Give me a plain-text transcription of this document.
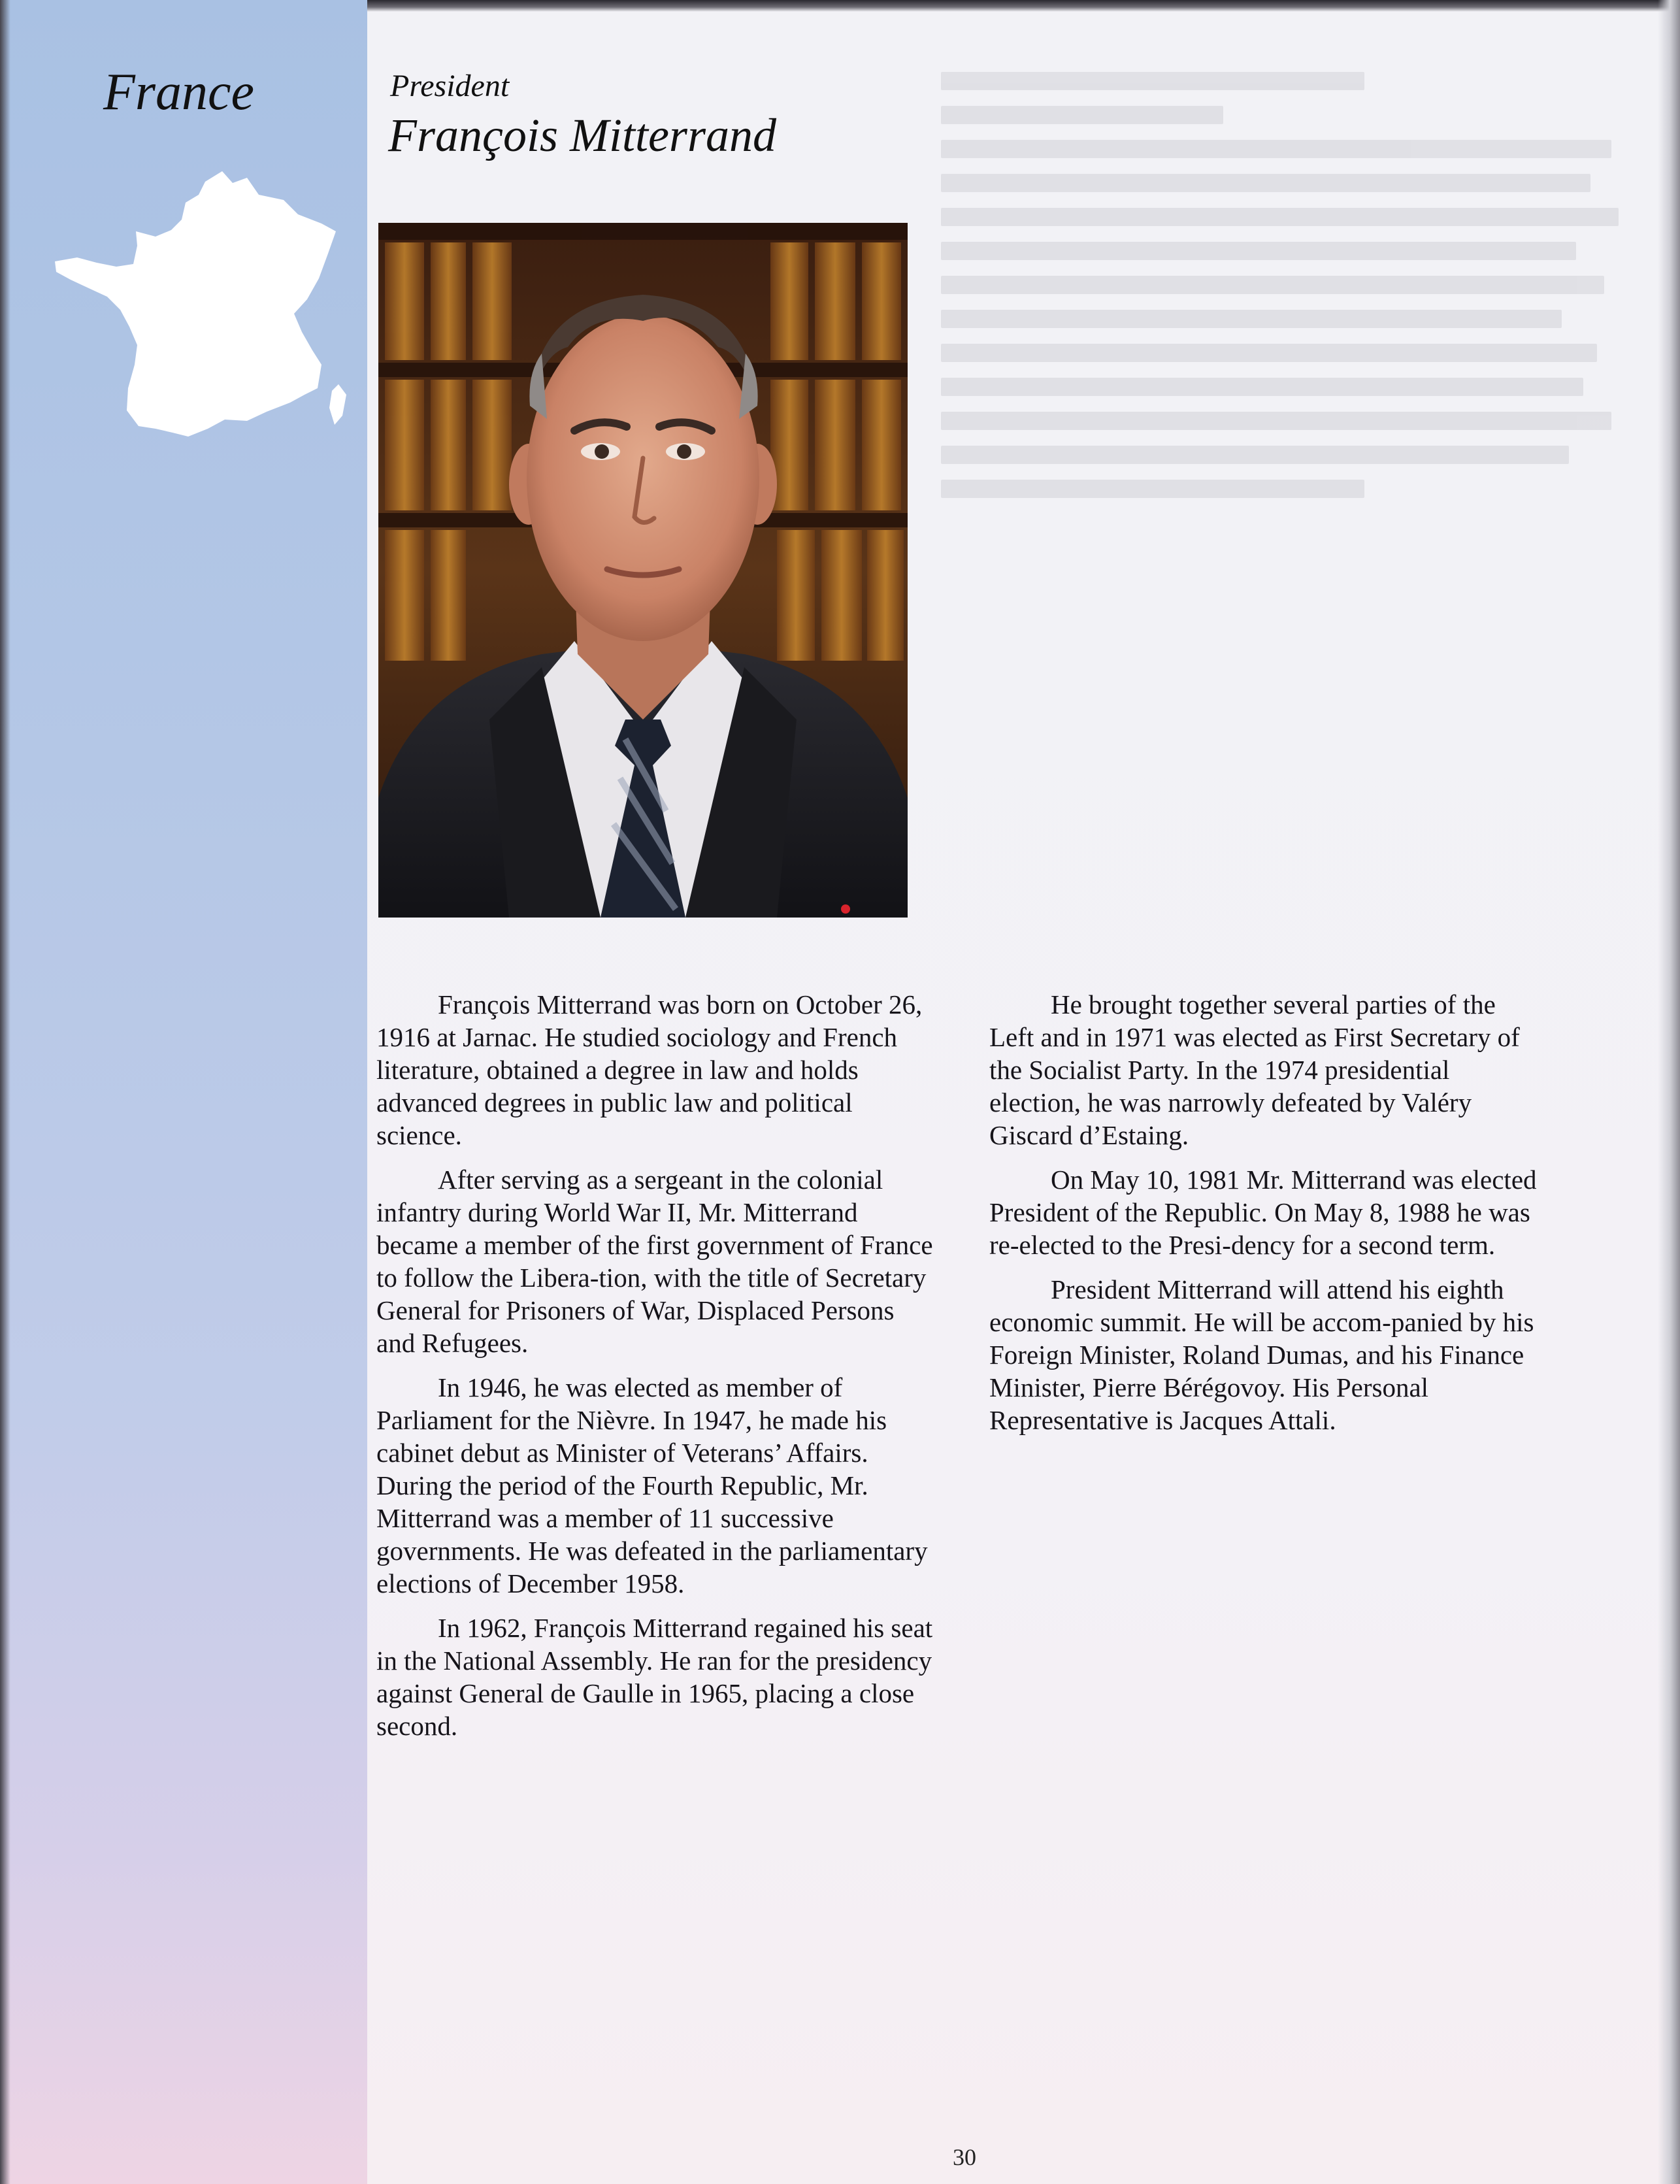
France	President

François Mitterrand

François Mitterrand was born on October 26, 1916 at Jarnac. He studied sociology and French literature, obtained a degree in law and holds advanced degrees in public law and political science.

After serving as a sergeant in the colonial infantry during World War II, Mr. Mitterrand became a member of the first government of France to follow the Libera-tion, with the title of Secretary General for Prisoners of War, Displaced Persons and Refugees.

In 1946, he was elected as member of Parliament for the Nièvre. In 1947, he made his cabinet debut as Minister of Veterans’ Affairs. During the period of the Fourth Republic, Mr. Mitterrand was a member of 11 successive governments. He was defeated in the parliamentary elections of December 1958.

In 1962, François Mitterrand regained his seat in the National Assembly. He ran for the presidency against General de Gaulle in 1965, placing a close second.

He brought together several parties of the Left and in 1971 was elected as First Secretary of the Socialist Party. In the 1974 presidential election, he was narrowly defeated by Valéry Giscard d’Estaing.

On May 10, 1981 Mr. Mitterrand was elected President of the Republic. On May 8, 1988 he was re-elected to the Presi-dency for a second term.

President Mitterrand will attend his eighth economic summit. He will be accom-panied by his Foreign Minister, Roland Dumas, and his Finance Minister, Pierre Bérégovoy. His Personal Representative is Jacques Attali.

30
